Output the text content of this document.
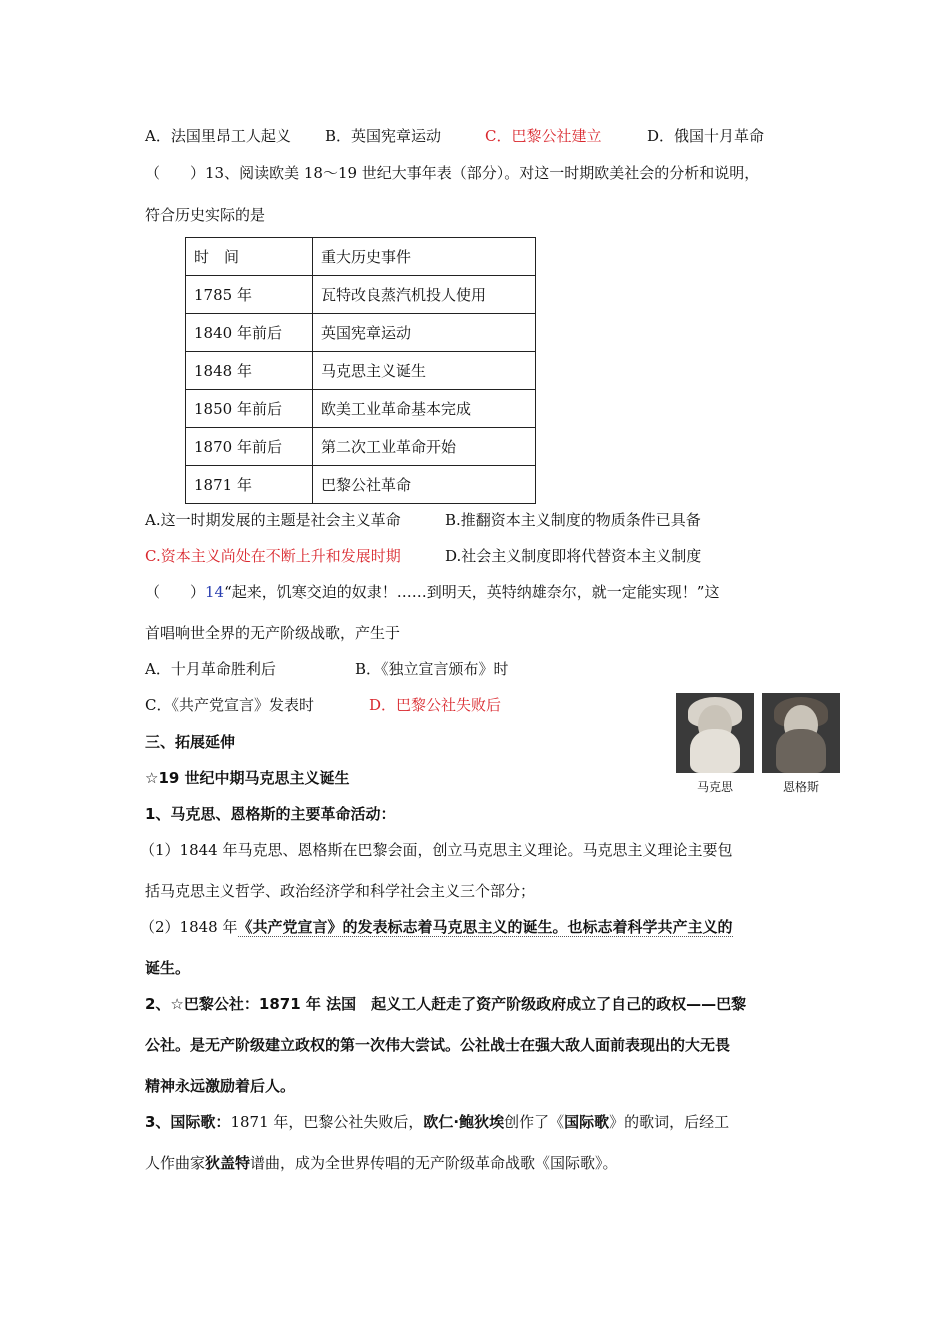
A．法国里昂工人起义 B．英国宪章运动	C．巴黎公社建立	D．俄国十月革命
（　　）13、阅读欧美 18～19 世纪大事年表（部分）。对这一时期欧美社会的分析和说明，
符合历史实际的是
时　间	重大历史事件
1785 年	瓦特改良蒸汽机投人使用
1840 年前后	英国宪章运动
1848 年	马克思主义诞生
1850 年前后	欧美工业革命基本完成
1870 年前后	第二次工业革命开始
1871 年	巴黎公社革命
A.这一时期发展的主题是社会主义革命	B.推翻资本主义制度的物质条件已具备
C.资本主义尚处在不断上升和发展时期	D.社会主义制度即将代替资本主义制度
（　　）14“起来，饥寒交迫的奴隶！……到明天，英特纳雄奈尔，就一定能实现！”这
首唱响世全界的无产阶级战歌，产生于
A．十月革命胜利后	B．《独立宣言颁布》时
C．《共产党宣言》发表时	D．巴黎公社失败后
马克思	恩格斯
三、拓展延伸
☆19 世纪中期马克思主义诞生
1、马克思、恩格斯的主要革命活动：
（1）1844 年马克思、恩格斯在巴黎会面，创立马克思主义理论。马克思主义理论主要包
括马克思主义哲学、政治经济学和科学社会主义三个部分；
（2）1848 年《共产党宣言》的发表标志着马克思主义的诞生。也标志着科学共产主义的
诞生。
2、☆巴黎公社：1871 年 法国　起义工人赶走了资产阶级政府成立了自己的政权——巴黎
公社。是无产阶级建立政权的第一次伟大尝试。公社战士在强大敌人面前表现出的大无畏
精神永远激励着后人。
3、国际歌：1871 年，巴黎公社失败后，欧仁·鲍狄埃创作了《国际歌》的歌词，后经工
人作曲家狄盖特谱曲，成为全世界传唱的无产阶级革命战歌《国际歌》。
